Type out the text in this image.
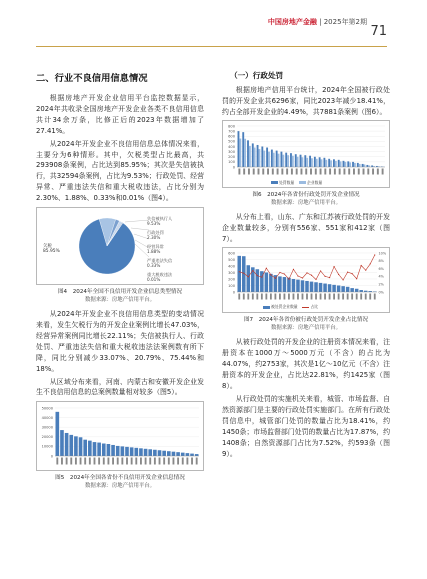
中国房地产金融 | 2025年第2期
71
二、行业不良信用信息情况

根据房地产开发企业信用平台监控数据显示，2024年共收录全国房地产开发企业各类不良信用信息共计34余万条，比修正后的2023年数据增加了27.41%。

从2024年开发企业不良信用信息总体情况来看，主要分为6种情形。其中，欠税类型占比最高，共293908条案例，占比达到85.95%；其次是失信被执行，共32594条案例，占比为9.53%；行政处罚、经营异常、严重违法失信和重大税收违法，占比分别为2.30%、1.88%、0.33%和0.01%（图4）。

欠税
85.95%
失信被执行人
9.53%
行政处罚
2.30%
经营异常
1.88%
严重违法失信
0.33%
重大税收违法
0.01%
图4　2024年全国不良信用开发企业信息类型情况
数据来源：房地产信用平台。

从2024年开发企业不良信用信息类型的变动情况来看，发生欠税行为的开发企业案例比增长47.03%，经营异常案例同比增长22.11%；失信被执行人、行政处罚、严重违法失信和重大税收违法法案例数有所下降，同比分别减少33.07%、20.79%、75.44%和18%。

从区域分布来看，河南、内蒙古和安徽开发企业发生不良信用信息的总案例数量相对较多（图5）。

0
10000
20000
30000
40000
50000
图5　2024年全国各省份不良信用开发企业信息情况
数据来源：房地产信用平台。
（一）行政处罚

根据房地产信用平台统计，2024年全国被行政处罚的开发企业共6296家，同比2023年减少18.41%，约占全部开发企业的4.49%，共7881条案例（图6）。

0
100
200
300
400
500
600
700
800
处罚数量	企业数量
图6　2024年各省份行政处罚开发企业情况
数据来源：房地产信用平台。

从分布上看，山东、广东和江苏被行政处罚的开发企业数量较多，分别有556家、551家和412家（图7）。

0
100
200
300
400
500
600
0%
2%
4%
6%
8%
10%
被处罚企业数量	占比
图7　2024年各省份被行政处罚开发企业占比情况
数据来源：房地产信用平台。

从被行政处罚的开发企业的注册资本情况来看，注册资本在1000万～5000万元（不含）的占比为44.07%，约2753家，其次是1亿～10亿元（不含）注册资本的开发企业，占比达22.81%，约1425家（图8）。

从行政处罚的实施机关来看，城管、市场监督、自然资源部门是主要的行政处罚实施部门。在所有行政处罚信息中，城管部门处罚的数量占比为18.41%，约1450条；市场监督部门处罚的数量占比为17.87%，约1408条；自然资源部门占比为7.52%，约593条（图9）。
